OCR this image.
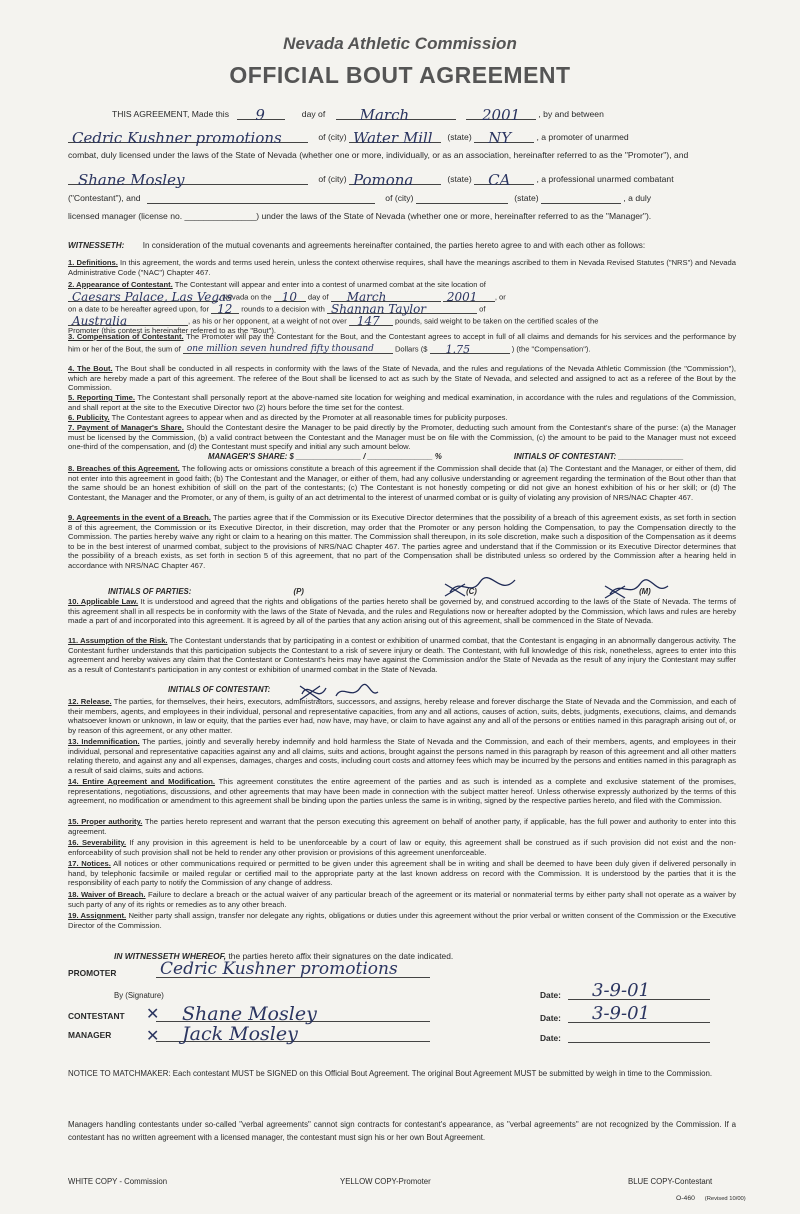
Nevada Athletic Commission
OFFICIAL BOUT AGREEMENT
THIS AGREEMENT, Made this 9	day of March
	2001 , by and between
Cedric Kushner promotions	of (city) Water Mill (state) NY	, a promoter of unarmed
combat, duly licensed under the laws of the State of Nevada (whether one or more, individually, or as an association, hereinafter referred to as the "Promoter"), and
Shane Mosley	of (city) Pomona	(state) CA	, a professional unarmed combatant
("Contestant"), and	of (city)	(state)	, a duly
licensed manager (license no. _______________) under the laws of the State of Nevada (whether one or more, hereinafter referred to as the "Manager").
WITNESSETH: In consideration of the mutual covenants and agreements hereinafter contained, the parties hereto agree to and with each other as follows:
1. Definitions. In this agreement, the words and terms used herein, unless the context otherwise requires, shall have the meanings ascribed to them in Nevada Revised Statutes ("NRS") and Nevada Administrative Code ("NAC") Chapter 467.
2. Appearance of Contestant. The Contestant will appear and enter into a contest of unarmed combat at the site location of

Caesars Palace, Las Vegas
, Nevada on the 10 day of March
	2001 , or
on a date to be hereafter agreed upon, for 12 rounds to a decision with Shannan Taylor	of

Australia	, as his or her opponent, at a weight of not over 147 pounds, said weight to be taken on the certified scales of the
Promoter (this contest is hereinafter referred to as the "Bout").
3. Compensation of Contestant. The Promoter will pay the Contestant for the Bout, and the Contestant agrees to accept in full of all claims and demands for his services and the performance by him or her of the Bout, the sum of one million seven hundred fifty thousand	Dollars ($ 1.75	) (the "Compensation").
4. The Bout. The Bout shall be conducted in all respects in conformity with the laws of the State of Nevada, and the rules and regulations of the Nevada Athletic Commission (the "Commission"), which are hereby made a part of this agreement. The referee of the Bout shall be licensed to act as such by the State of Nevada, and selected and assigned to act as a referee of the Bout by the Commission.
5. Reporting Time. The Contestant shall personally report at the above-named site location for weighing and medical examination, in accordance with the rules and regulations of the Commission, and shall report at the site to the Executive Director two (2) hours before the time set for the contest.
6. Publicity. The Contestant agrees to appear when and as directed by the Promoter at all reasonable times for publicity purposes.
7. Payment of Manager's Share. Should the Contestant desire the Manager to be paid directly by the Promoter, deducting such amount from the Contestant's share of the purse: (a) the Manager must be licensed by the Commission, (b) a valid contract between the Contestant and the Manager must be on file with the Commission, (c) the amount to be paid to the Manager must not exceed one-third of the compensation, and (d) the Contestant must specify and initial any such amount below.
MANAGER'S SHARE: $ _______________ / _______________ %	INITIALS OF CONTESTANT: _______________
8. Breaches of this Agreement. The following acts or omissions constitute a breach of this agreement if the Commission shall decide that (a) The Contestant and the Manager, or either of them, did not enter into this agreement in good faith; (b) The Contestant and the Manager, or either of them, had any collusive understanding or agreement regarding the termination of the Bout other than that the same should be an honest exhibition of skill on the part of the contestants; (c) The Contestant is not honestly competing or did not give an honest exhibition of his or her skill; or (d) The Contestant, the Manager and the Promoter, or any of them, is guilty of an act detrimental to the interest of unarmed combat or is guilty of violating any provision of NRS/NAC Chapter 467.
9. Agreements in the event of a Breach. The parties agree that if the Commission or its Executive Director determines that the possibility of a breach of this agreement exists, as set forth in section 8 of this agreement, the Commission or its Executive Director, in their discretion, may order that the Promoter or any person holding the Compensation, to pay the Compensation directly to the Commission. The parties hereby waive any right or claim to a hearing on this matter. The Commission shall thereupon, in its sole discretion, make such a disposition of the Compensation as it deems to be in the best interest of unarmed combat, subject to the provisions of NRS/NAC Chapter 467. The parties agree and understand that if the Commission or its Executive Director determines that the possibility of a breach exists, as set forth in section 5 of this agreement, that no part of the Compensation shall be distributed unless so ordered by the Commission after a hearing held in accordance with NRS/NAC Chapter 467.
INITIALS OF PARTIES:	(P)	(C)	(M)
10. Applicable Law. It is understood and agreed that the rights and obligations of the parties hereto shall be governed by, and construed according to the laws of the State of Nevada. The terms of this agreement shall in all respects be in conformity with the laws of the State of Nevada, and the rules and Regulations now or hereafter adopted by the Commission, which laws and rules are hereby made a part of and incorporated into this agreement. It is agreed by all of the parties that any action arising out of this agreement, shall be commenced in the State of Nevada.
11. Assumption of the Risk. The Contestant understands that by participating in a contest or exhibition of unarmed combat, that the Contestant is engaging in an abnormally dangerous activity. The Contestant further understands that this participation subjects the Contestant to a risk of severe injury or death. The Contestant, with full knowledge of this risk, nonetheless, agrees to enter into this agreement and hereby waives any claim that the Contestant or Contestant's heirs may have against the Commission and/or the State of Nevada as the result of any injury the Contestant may suffer as a result of Contestant's participation in any contest or exhibition of unarmed combat in the State of Nevada.
INITIALS OF CONTESTANT:
12. Release. The parties, for themselves, their heirs, executors, administrators, successors, and assigns, hereby release and forever discharge the State of Nevada and the Commission, and each of their members, agents, and employees in their individual, personal and representative capacities, from any and all actions, causes of action, suits, debts, judgments, executions, claims, and demands whatsoever known or unknown, in law or equity, that the parties ever had, now have, may have, or claim to have against any and all of the persons or entities named in this paragraph arising out of, or by reason of this agreement, or any other matter.
13. Indemnification. The parties, jointly and severally hereby indemnify and hold harmless the State of Nevada and the Commission, and each of their members, agents, and employees in their individual, personal and representative capacities against any and all claims, suits and actions, brought against the persons named in this paragraph by reason of this agreement and all other matters relating thereto, and against any and all expenses, damages, charges and costs, including court costs and attorney fees which may be incurred by the persons and entities named in this paragraph as a result of said claims, suits and actions.
14. Entire Agreement and Modification. This agreement constitutes the entire agreement of the parties and as such is intended as a complete and exclusive statement of the promises, representations, negotiations, discussions, and other agreements that may have been made in connection with the subject matter hereof. Unless otherwise expressly authorized by the terms of this agreement, no modification or amendment to this agreement shall be binding upon the parties unless the same is in writing, signed by the respective parties hereto, and filed with the Commission.
15. Proper authority. The parties hereto represent and warrant that the person executing this agreement on behalf of another party, if applicable, has the full power and authority to enter into this agreement.
16. Severability. If any provision in this agreement is held to be unenforceable by a court of law or equity, this agreement shall be construed as if such provision did not exist and the non-enforceability of such provision shall not be held to render any other provision or provisions of this agreement unenforceable.
17. Notices. All notices or other communications required or permitted to be given under this agreement shall be in writing and shall be deemed to have been duly given if delivered personally in hand, by telephonic facsimile or mailed regular or certified mail to the appropriate party at the last known address on record with the Commission. It is understood by the parties that it is the responsibility of each party to notify the Commission of any change of address.
18. Waiver of Breach. Failure to declare a breach or the actual waiver of any particular breach of the agreement or its material or nonmaterial terms by either party shall not operate as a waiver by such party of any of its rights or remedies as to any other breach.
19. Assignment. Neither party shall assign, transfer nor delegate any rights, obligations or duties under this agreement without the prior verbal or written consent of the Commission or the Executive Director of the Commission.
IN WITNESSETH WHEREOF, the parties hereto affix their signatures on the date indicated.
PROMOTER	Cedric Kushner promotions
By (Signature)
CONTESTANT	Shane Mosley
✕
MANAGER	Jack Mosley
✕
Date:	3-9-01
Date:	3-9-01
Date:
NOTICE TO MATCHMAKER: Each contestant MUST be SIGNED on this Official Bout Agreement. The original Bout Agreement MUST be submitted by weigh in time to the Commission.
Managers handling contestants under so-called "verbal agreements" cannot sign contracts for contestant's appearance, as "verbal agreements" are not recognized by the Commission. If a contestant has no written agreement with a licensed manager, the contestant must sign his or her own Bout Agreement.
WHITE COPY - Commission	YELLOW COPY-Promoter	BLUE COPY-Contestant
O-460 (Revised 10/00)
